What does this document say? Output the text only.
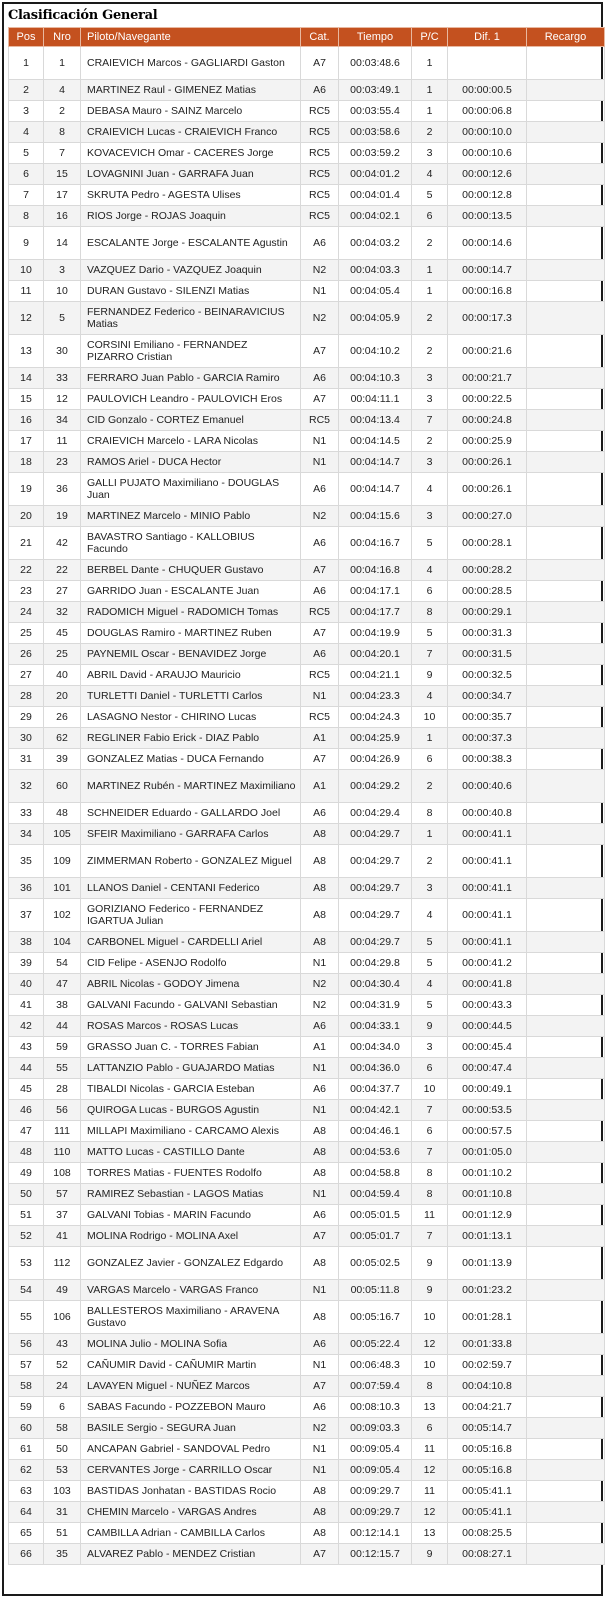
Clasificación General
Pos	Nro	Piloto/Navegante	Cat.	Tiempo	P/C	Dif. 1	Recargo
1	1	CRAIEVICH Marcos - GAGLIARDI Gaston	A7	00:03:48.6	1		
2	4	MARTINEZ Raul - GIMENEZ Matias	A6	00:03:49.1	1	00:00:00.5	
3	2	DEBASA Mauro - SAINZ Marcelo	RC5	00:03:55.4	1	00:00:06.8	
4	8	CRAIEVICH Lucas - CRAIEVICH Franco	RC5	00:03:58.6	2	00:00:10.0	
5	7	KOVACEVICH Omar - CACERES Jorge	RC5	00:03:59.2	3	00:00:10.6	
6	15	LOVAGNINI Juan - GARRAFA Juan	RC5	00:04:01.2	4	00:00:12.6	
7	17	SKRUTA Pedro - AGESTA Ulises	RC5	00:04:01.4	5	00:00:12.8	
8	16	RIOS Jorge - ROJAS Joaquin	RC5	00:04:02.1	6	00:00:13.5	
9	14	ESCALANTE Jorge - ESCALANTE Agustin	A6	00:04:03.2	2	00:00:14.6	
10	3	VAZQUEZ Dario - VAZQUEZ Joaquin	N2	00:04:03.3	1	00:00:14.7	
11	10	DURAN Gustavo - SILENZI Matias	N1	00:04:05.4	1	00:00:16.8	
12	5	FERNANDEZ Federico - BEINARAVICIUS Matias	N2	00:04:05.9	2	00:00:17.3	
13	30	CORSINI Emiliano - FERNANDEZ PIZARRO Cristian	A7	00:04:10.2	2	00:00:21.6	
14	33	FERRARO Juan Pablo - GARCIA Ramiro	A6	00:04:10.3	3	00:00:21.7	
15	12	PAULOVICH Leandro - PAULOVICH Eros	A7	00:04:11.1	3	00:00:22.5	
16	34	CID Gonzalo - CORTEZ Emanuel	RC5	00:04:13.4	7	00:00:24.8	
17	11	CRAIEVICH Marcelo - LARA Nicolas	N1	00:04:14.5	2	00:00:25.9	
18	23	RAMOS Ariel - DUCA Hector	N1	00:04:14.7	3	00:00:26.1	
19	36	GALLI PUJATO Maximiliano - DOUGLAS Juan	A6	00:04:14.7	4	00:00:26.1	
20	19	MARTINEZ Marcelo - MINIO Pablo	N2	00:04:15.6	3	00:00:27.0	
21	42	BAVASTRO Santiago - KALLOBIUS Facundo	A6	00:04:16.7	5	00:00:28.1	
22	22	BERBEL Dante - CHUQUER Gustavo	A7	00:04:16.8	4	00:00:28.2	
23	27	GARRIDO Juan - ESCALANTE Juan	A6	00:04:17.1	6	00:00:28.5	
24	32	RADOMICH Miguel - RADOMICH Tomas	RC5	00:04:17.7	8	00:00:29.1	
25	45	DOUGLAS Ramiro - MARTINEZ Ruben	A7	00:04:19.9	5	00:00:31.3	
26	25	PAYNEMIL Oscar - BENAVIDEZ Jorge	A6	00:04:20.1	7	00:00:31.5	
27	40	ABRIL David - ARAUJO Mauricio	RC5	00:04:21.1	9	00:00:32.5	
28	20	TURLETTI Daniel - TURLETTI Carlos	N1	00:04:23.3	4	00:00:34.7	
29	26	LASAGNO Nestor - CHIRINO Lucas	RC5	00:04:24.3	10	00:00:35.7	
30	62	REGLINER Fabio Erick - DIAZ Pablo	A1	00:04:25.9	1	00:00:37.3	
31	39	GONZALEZ Matias - DUCA Fernando	A7	00:04:26.9	6	00:00:38.3	
32	60	MARTINEZ Rubén - MARTINEZ Maximiliano	A1	00:04:29.2	2	00:00:40.6	
33	48	SCHNEIDER Eduardo - GALLARDO Joel	A6	00:04:29.4	8	00:00:40.8	
34	105	SFEIR Maximiliano - GARRAFA Carlos	A8	00:04:29.7	1	00:00:41.1	
35	109	ZIMMERMAN Roberto - GONZALEZ Miguel	A8	00:04:29.7	2	00:00:41.1	
36	101	LLANOS Daniel - CENTANI Federico	A8	00:04:29.7	3	00:00:41.1	
37	102	GORIZIANO Federico - FERNANDEZ IGARTUA Julian	A8	00:04:29.7	4	00:00:41.1	
38	104	CARBONEL Miguel - CARDELLI Ariel	A8	00:04:29.7	5	00:00:41.1	
39	54	CID Felipe - ASENJO Rodolfo	N1	00:04:29.8	5	00:00:41.2	
40	47	ABRIL Nicolas - GODOY Jimena	N2	00:04:30.4	4	00:00:41.8	
41	38	GALVANI Facundo - GALVANI Sebastian	N2	00:04:31.9	5	00:00:43.3	
42	44	ROSAS Marcos - ROSAS Lucas	A6	00:04:33.1	9	00:00:44.5	
43	59	GRASSO Juan C. - TORRES Fabian	A1	00:04:34.0	3	00:00:45.4	
44	55	LATTANZIO Pablo - GUAJARDO Matias	N1	00:04:36.0	6	00:00:47.4	
45	28	TIBALDI Nicolas - GARCIA Esteban	A6	00:04:37.7	10	00:00:49.1	
46	56	QUIROGA Lucas - BURGOS Agustin	N1	00:04:42.1	7	00:00:53.5	
47	111	MILLAPI Maximiliano - CARCAMO Alexis	A8	00:04:46.1	6	00:00:57.5	
48	110	MATTO Lucas - CASTILLO Dante	A8	00:04:53.6	7	00:01:05.0	
49	108	TORRES Matias - FUENTES Rodolfo	A8	00:04:58.8	8	00:01:10.2	
50	57	RAMIREZ Sebastian - LAGOS Matias	N1	00:04:59.4	8	00:01:10.8	
51	37	GALVANI Tobias - MARIN Facundo	A6	00:05:01.5	11	00:01:12.9	
52	41	MOLINA Rodrigo - MOLINA Axel	A7	00:05:01.7	7	00:01:13.1	
53	112	GONZALEZ Javier - GONZALEZ Edgardo	A8	00:05:02.5	9	00:01:13.9	
54	49	VARGAS Marcelo - VARGAS Franco	N1	00:05:11.8	9	00:01:23.2	
55	106	BALLESTEROS Maximiliano - ARAVENA Gustavo	A8	00:05:16.7	10	00:01:28.1	
56	43	MOLINA Julio - MOLINA Sofia	A6	00:05:22.4	12	00:01:33.8	
57	52	CAÑUMIR David - CAÑUMIR Martin	N1	00:06:48.3	10	00:02:59.7	
58	24	LAVAYEN Miguel - NUÑEZ Marcos	A7	00:07:59.4	8	00:04:10.8	
59	6	SABAS Facundo - POZZEBON Mauro	A6	00:08:10.3	13	00:04:21.7	
60	58	BASILE Sergio - SEGURA Juan	N2	00:09:03.3	6	00:05:14.7	
61	50	ANCAPAN Gabriel - SANDOVAL Pedro	N1	00:09:05.4	11	00:05:16.8	
62	53	CERVANTES Jorge - CARRILLO Oscar	N1	00:09:05.4	12	00:05:16.8	
63	103	BASTIDAS Jonhatan - BASTIDAS Rocio	A8	00:09:29.7	11	00:05:41.1	
64	31	CHEMIN Marcelo - VARGAS Andres	A8	00:09:29.7	12	00:05:41.1	
65	51	CAMBILLA Adrian - CAMBILLA Carlos	A8	00:12:14.1	13	00:08:25.5	
66	35	ALVAREZ Pablo - MENDEZ Cristian	A7	00:12:15.7	9	00:08:27.1	
